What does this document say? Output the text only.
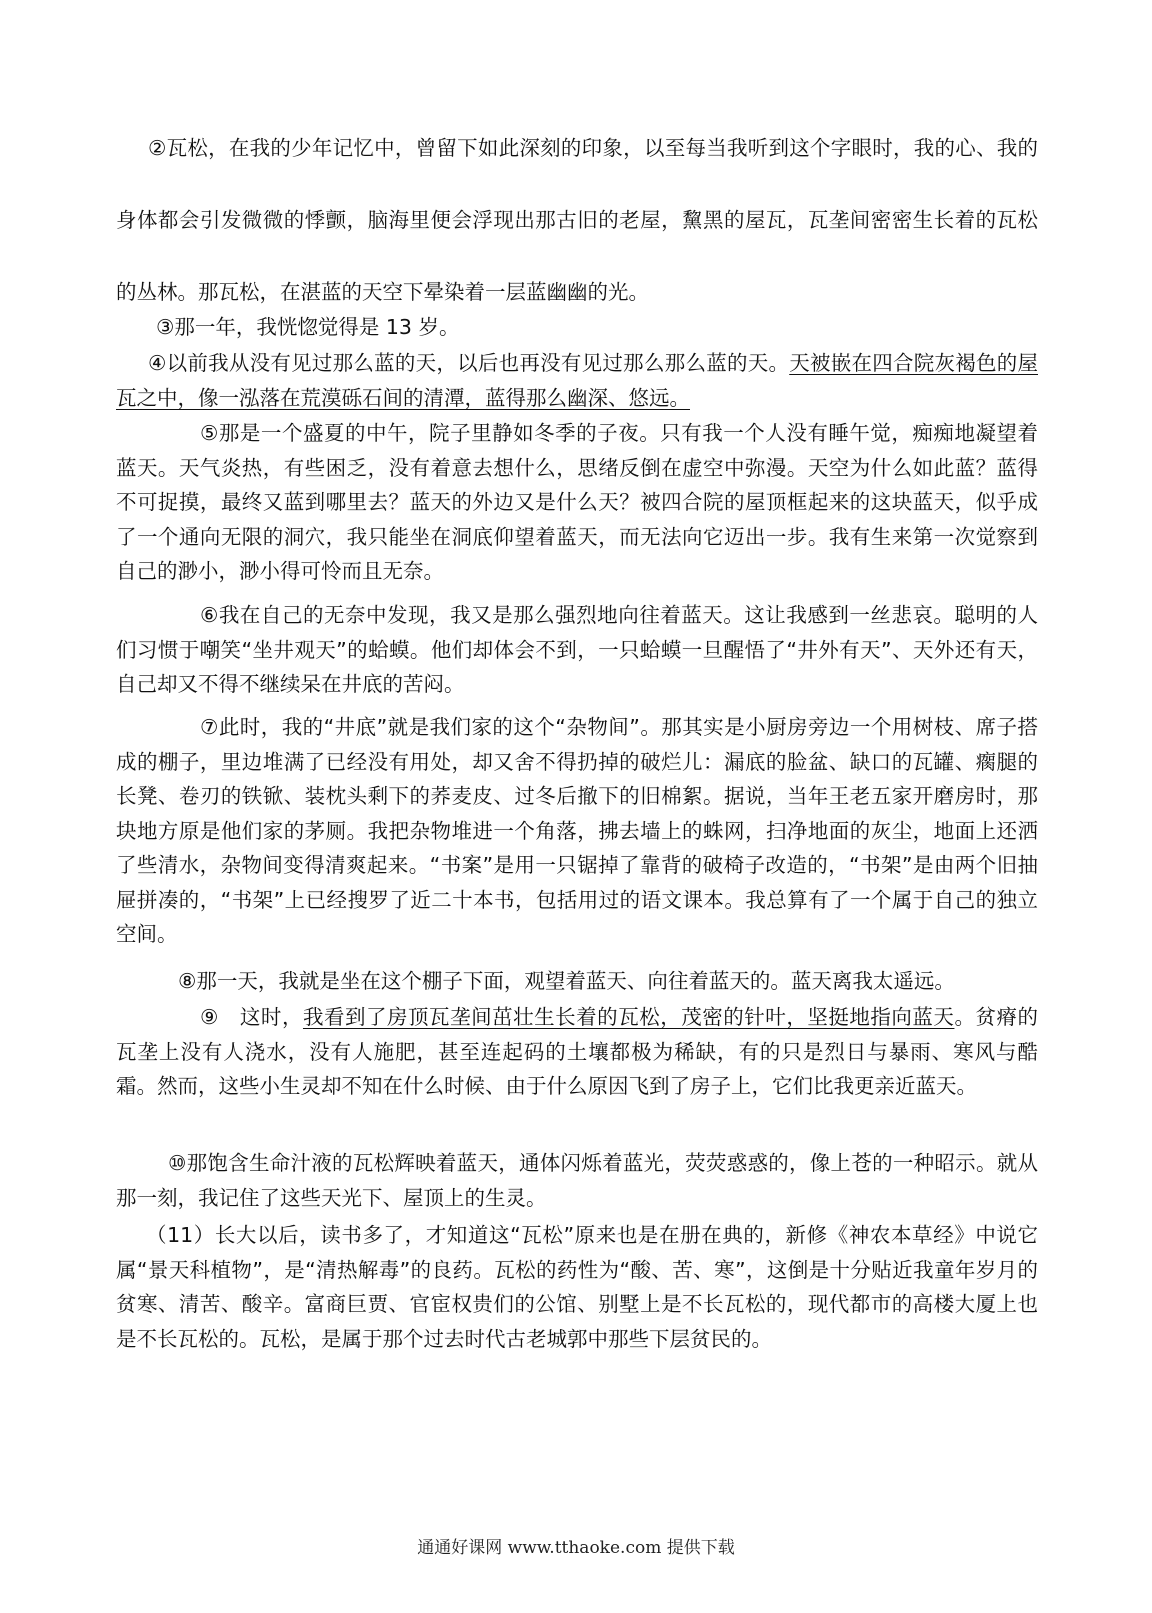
②瓦松，在我的少年记忆中，曾留下如此深刻的印象，以至每当我听到这个字眼时，我的心、我的身体都会引发微微的悸颤，脑海里便会浮现出那古旧的老屋，黧黑的屋瓦，瓦垄间密密生长着的瓦松的丛林。那瓦松，在湛蓝的天空下晕染着一层蓝幽幽的光。

③那一年，我恍惚觉得是 13 岁。

④以前我从没有见过那么蓝的天，以后也再没有见过那么那么蓝的天。天被嵌在四合院灰褐色的屋瓦之中，像一泓落在荒漠砾石间的清潭，蓝得那么幽深、悠远。

⑤那是一个盛夏的中午，院子里静如冬季的子夜。只有我一个人没有睡午觉，痴痴地凝望着蓝天。天气炎热，有些困乏，没有着意去想什么，思绪反倒在虚空中弥漫。天空为什么如此蓝？蓝得不可捉摸，最终又蓝到哪里去？蓝天的外边又是什么天？被四合院的屋顶框起来的这块蓝天，似乎成了一个通向无限的洞穴，我只能坐在洞底仰望着蓝天，而无法向它迈出一步。我有生来第一次觉察到自己的渺小，渺小得可怜而且无奈。

⑥我在自己的无奈中发现，我又是那么强烈地向往着蓝天。这让我感到一丝悲哀。聪明的人们习惯于嘲笑“坐井观天”的蛤蟆。他们却体会不到，一只蛤蟆一旦醒悟了“井外有天”、天外还有天，自己却又不得不继续呆在井底的苦闷。

⑦此时，我的“井底”就是我们家的这个“杂物间”。那其实是小厨房旁边一个用树枝、席子搭成的棚子，里边堆满了已经没有用处，却又舍不得扔掉的破烂儿：漏底的脸盆、缺口的瓦罐、瘸腿的长凳、卷刃的铁锨、装枕头剩下的荞麦皮、过冬后撤下的旧棉絮。据说，当年王老五家开磨房时，那块地方原是他们家的茅厕。我把杂物堆进一个角落，拂去墙上的蛛网，扫净地面的灰尘，地面上还洒了些清水，杂物间变得清爽起来。“书案”是用一只锯掉了靠背的破椅子改造的，“书架”是由两个旧抽屉拼凑的，“书架”上已经搜罗了近二十本书，包括用过的语文课本。我总算有了一个属于自己的独立空间。

⑧那一天，我就是坐在这个棚子下面，观望着蓝天、向往着蓝天的。蓝天离我太遥远。

⑨　这时，我看到了房顶瓦垄间茁壮生长着的瓦松，茂密的针叶，坚挺地指向蓝天。贫瘠的瓦垄上没有人浇水，没有人施肥，甚至连起码的土壤都极为稀缺，有的只是烈日与暴雨、寒风与酷霜。然而，这些小生灵却不知在什么时候、由于什么原因飞到了房子上，它们比我更亲近蓝天。

⑩那饱含生命汁液的瓦松辉映着蓝天，通体闪烁着蓝光，荧荧惑惑的，像上苍的一种昭示。就从那一刻，我记住了这些天光下、屋顶上的生灵。

（11）长大以后，读书多了，才知道这“瓦松”原来也是在册在典的，新修《神农本草经》中说它属“景天科植物”，是“清热解毒”的良药。瓦松的药性为“酸、苦、寒”，这倒是十分贴近我童年岁月的贫寒、清苦、酸辛。富商巨贾、官宦权贵们的公馆、别墅上是不长瓦松的，现代都市的高楼大厦上也是不长瓦松的。瓦松，是属于那个过去时代古老城郭中那些下层贫民的。

通通好课网 www.tthaoke.com 提供下载
